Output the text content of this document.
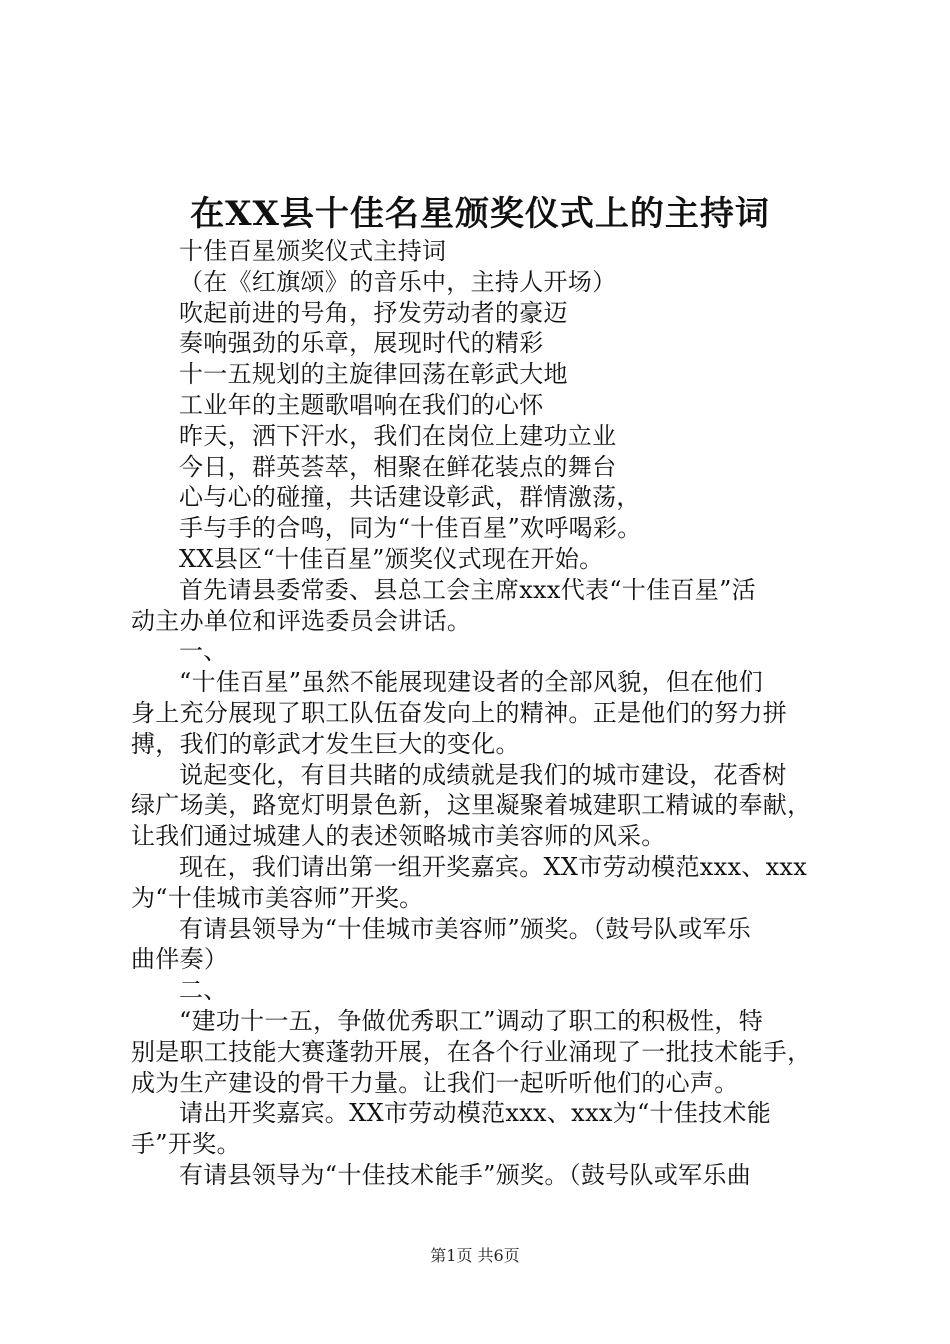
在XX县十佳名星颁奖仪式上的主持词
十佳百星颁奖仪式主持词
（在《红旗颂》的音乐中，主持人开场）
吹起前进的号角，抒发劳动者的豪迈
奏响强劲的乐章，展现时代的精彩
十一五规划的主旋律回荡在彰武大地
工业年的主题歌唱响在我们的心怀
昨天，洒下汗水，我们在岗位上建功立业
今日，群英荟萃，相聚在鲜花装点的舞台
心与心的碰撞，共话建设彰武，群情激荡，
手与手的合鸣，同为“十佳百星”欢呼喝彩。
XX县区“十佳百星”颁奖仪式现在开始。
首先请县委常委、县总工会主席xxx代表“十佳百星”活
动主办单位和评选委员会讲话。
一、
“十佳百星”虽然不能展现建设者的全部风貌，但在他们
身上充分展现了职工队伍奋发向上的精神。正是他们的努力拼
搏，我们的彰武才发生巨大的变化。
说起变化，有目共睹的成绩就是我们的城市建设，花香树
绿广场美，路宽灯明景色新，这里凝聚着城建职工精诚的奉献，
让我们通过城建人的表述领略城市美容师的风采。
现在，我们请出第一组开奖嘉宾。XX市劳动模范xxx、xxx
为“十佳城市美容师”开奖。
有请县领导为“十佳城市美容师”颁奖。（鼓号队或军乐
曲伴奏）
二、
“建功十一五，争做优秀职工”调动了职工的积极性，特
别是职工技能大赛蓬勃开展，在各个行业涌现了一批技术能手，
成为生产建设的骨干力量。让我们一起听听他们的心声。
请出开奖嘉宾。XX市劳动模范xxx、xxx为“十佳技术能
手”开奖。
有请县领导为“十佳技术能手”颁奖。（鼓号队或军乐曲
第1页 共6页
